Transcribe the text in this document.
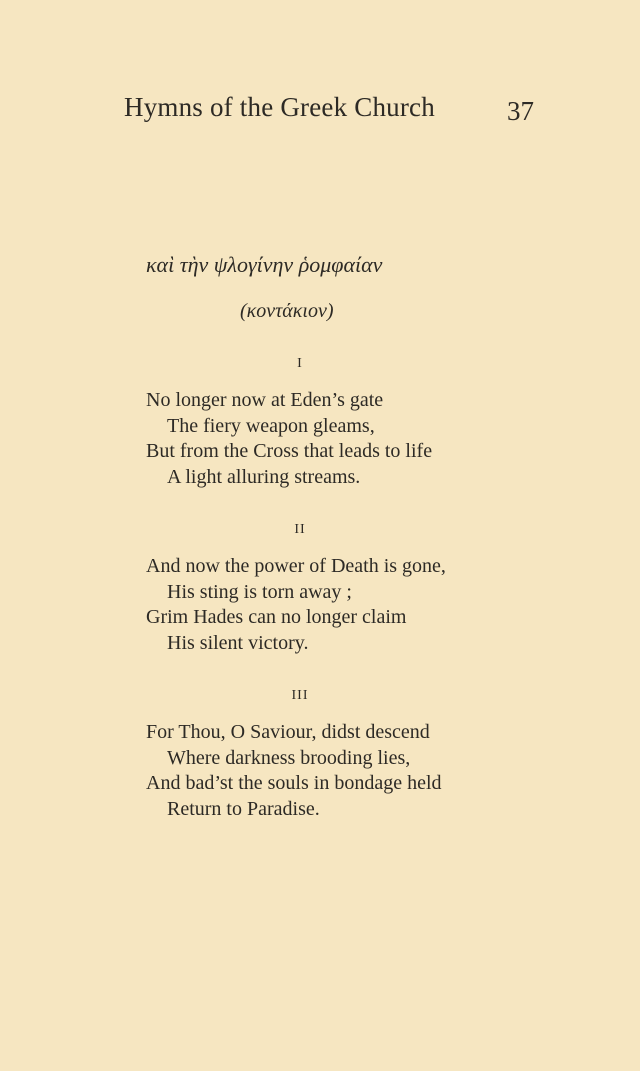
Hymns of the Greek Church	37
καὶ τὴν ψλογίνην ῥομφαίαν
(κοντάκιον)
I
No longer now at Eden’s gate
The fiery weapon gleams,
But from the Cross that leads to life
A light alluring streams.
II
And now the power of Death is gone,
His sting is torn away ;
Grim Hades can no longer claim
His silent victory.
III
For Thou, O Saviour, didst descend
Where darkness brooding lies,
And bad’st the souls in bondage held
Return to Paradise.
